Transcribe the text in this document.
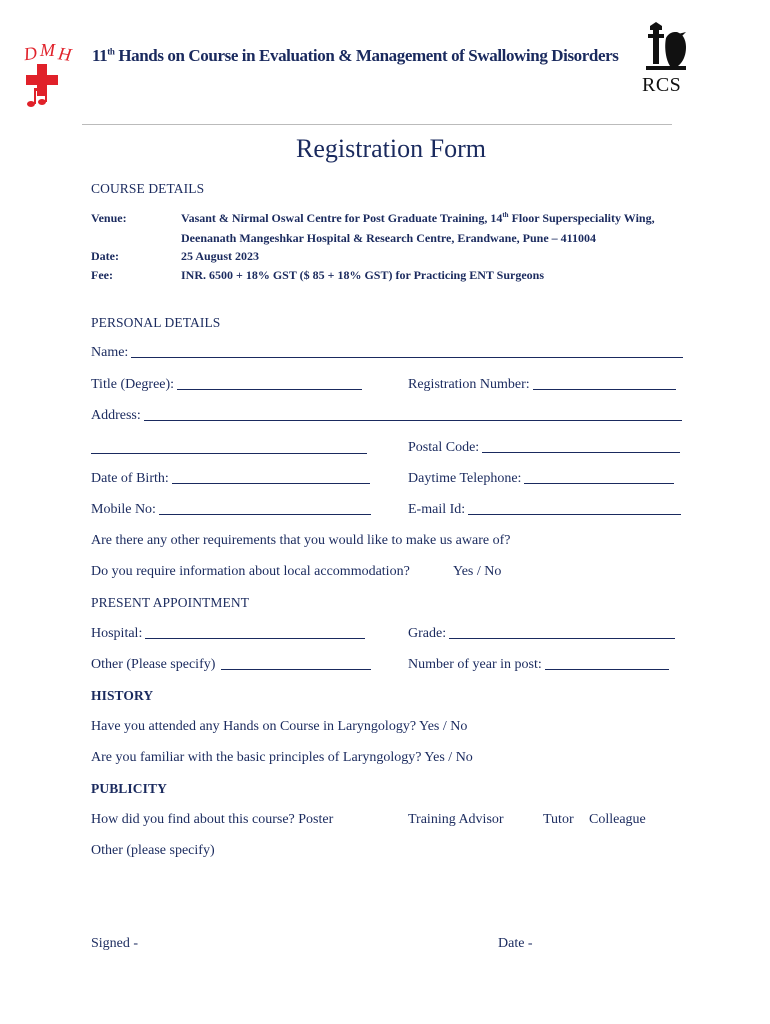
D M H 11th Hands on Course in Evaluation & Management of Swallowing Disorders
RCS
Registration Form
COURSE DETAILS
Venue:	Vasant & Nirmal Oswal Centre for Post Graduate Training, 14th Floor Superspeciality Wing,
Deenanath Mangeshkar Hospital & Research Centre, Erandwane, Pune – 411004
Date:	25 August 2023
Fee:	INR. 6500 + 18% GST ($ 85 + 18% GST) for Practicing ENT Surgeons
PERSONAL DETAILS
Name:
Title (Degree):	Registration Number:
Address:
Postal Code:
Date of Birth:	Daytime Telephone:
Mobile No:	E-mail Id:
Are there any other requirements that you would like to make us aware of?
Do you require information about local accommodation?	Yes / No
PRESENT APPOINTMENT
Hospital:	Grade:
Other (Please specify)	Number of year in post:
HISTORY
Have you attended any Hands on Course in Laryngology? Yes / No
Are you familiar with the basic principles of Laryngology? Yes / No
PUBLICITY
How did you find about this course? Poster	Training Advisor	Tutor Colleague
Other (please specify)
Signed -	Date -
